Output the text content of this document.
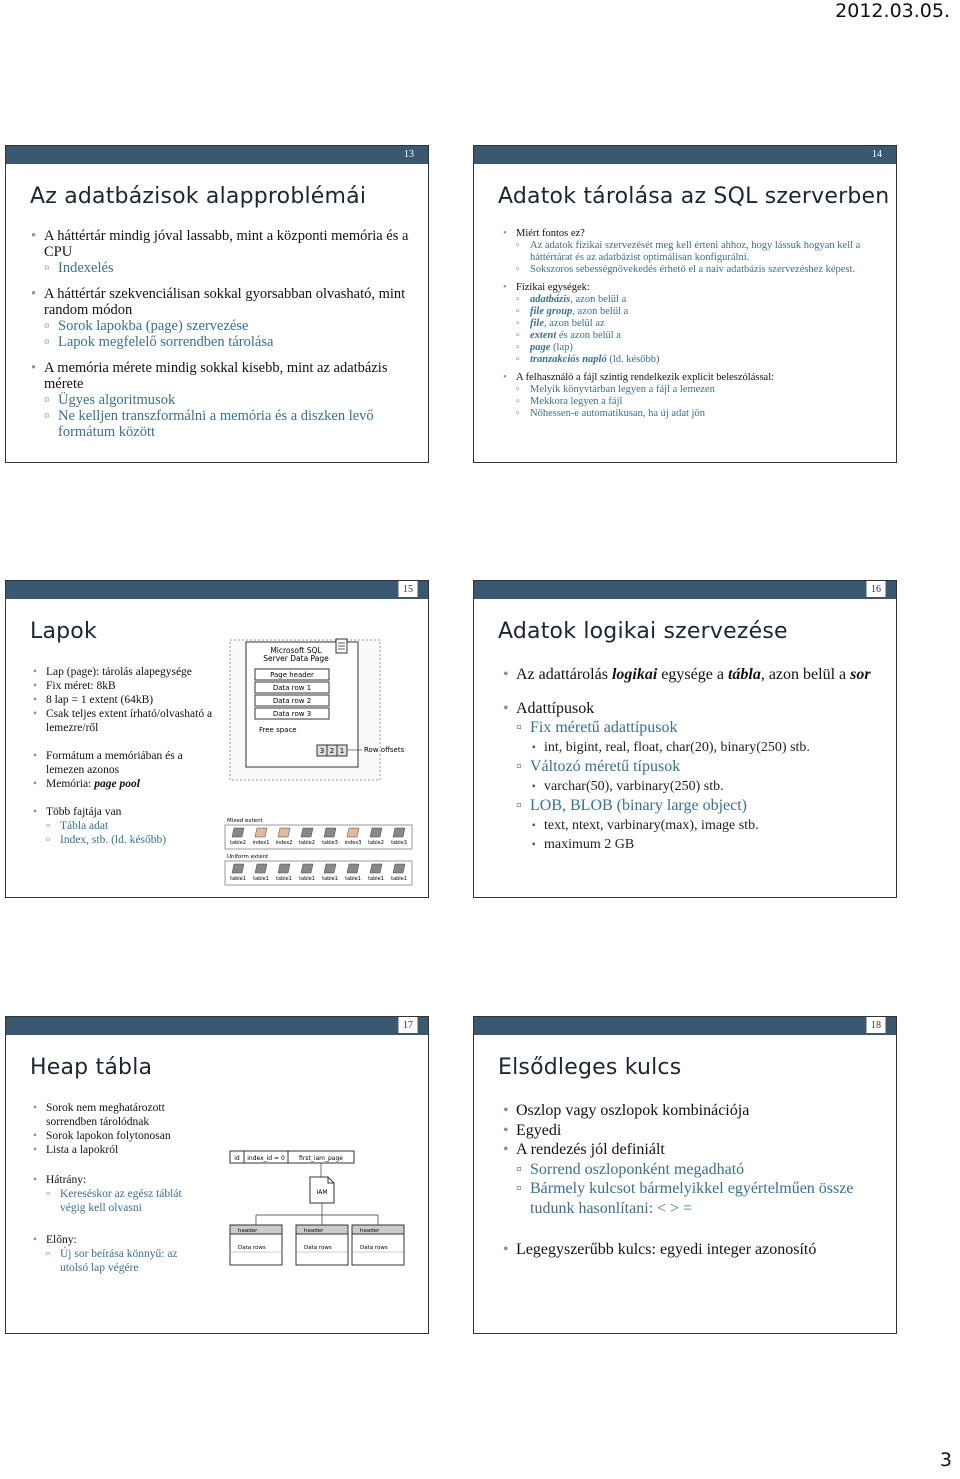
2012.03.05.
13
Az adatbázisok alapproblémái
• A háttértár mindig jóval lassabb, mint a központi memória és a CPU
▫ Indexelés
• A háttértár szekvenciálisan sokkal gyorsabban olvasható, mint random módon
▫ Sorok lapokba (page) szervezése
▫ Lapok megfelelő sorrendben tárolása
• A memória mérete mindig sokkal kisebb, mint az adatbázis mérete
▫ Ügyes algoritmusok
▫ Ne kelljen transzformálni a memória és a diszken levő formátum között
14
Adatok tárolása az SQL szerverben
• Miért fontos ez?
▫ Az adatok fizikai szervezését meg kell érteni ahhoz, hogy lássuk hogyan kell a háttértárat és az adatbázist optimálisan konfigurálni.
▫ Sokszoros sebességnövekedés érhető el a naiv adatbázis szervezéshez képest.
• Fizikai egységek:
▫ adatbázis, azon belül a
▫ file group, azon belül a
▫ file, azon belül az
▫ extent és azon belül a
▫ page (lap)
▫ tranzakciós napló (ld. később)
• A felhasználó a fájl szintig rendelkezik explicit beleszólással:
▫ Melyik könyvtárban legyen a fájl a lemezen
▫ Mekkora legyen a fájl
▫ Nőhessen-e automatikusan, ha új adat jön
15
Lapok
• Lap (page): tárolás alapegysége
• Fix méret: 8kB
• 8 lap = 1 extent (64kB)
• Csak teljes extent írható/olvasható a lemezre/ről
• Formátum a memóriában és a lemezen azonos
• Memória: page pool
• Több fajtája van
▫ Tábla adat
▫ Index, stb. (ld. később)
Microsoft SQL
Server Data Page
Page header
Data row 1
Data row 2
Data row 3
Free space
3 2 1	Row offsets
Mixed extent
table2 index1 index2 table2 table3 index3 table2 table3
Uniform extent
table1 table1 table1 table1 table1 table1 table1 table1
16
Adatok logikai szervezése
• Az adattárolás logikai egysége a tábla, azon belül a sor
• Adattípusok
▫ Fix méretű adattípusok
▪ int, bigint, real, float, char(20), binary(250) stb.
▫ Változó méretű típusok
▪ varchar(50), varbinary(250) stb.
▫ LOB, BLOB (binary large object)
▪ text, ntext, varbinary(max), image stb.
▪ maximum 2 GB
17
Heap tábla
• Sorok nem meghatározott sorrendben tárolódnak
• Sorok lapokon folytonosan
• Lista a lapokról
• Hátrány:
▫ Kereséskor az egész táblát végig kell olvasni
• Előny:
▫ Új sor beírása könnyű: az utolsó lap végére
id index_id = 0 first_iam_page
IAM
header
Data rows
header
Data rows
header
Data rows
18
Elsődleges kulcs
• Oszlop vagy oszlopok kombinációja
• Egyedi
• A rendezés jól definiált
▫ Sorrend oszloponként megadható
▫ Bármely kulcsot bármelyikkel egyértelműen össze tudunk hasonlítani: < > =
• Legegyszerűbb kulcs: egyedi integer azonosító
3
